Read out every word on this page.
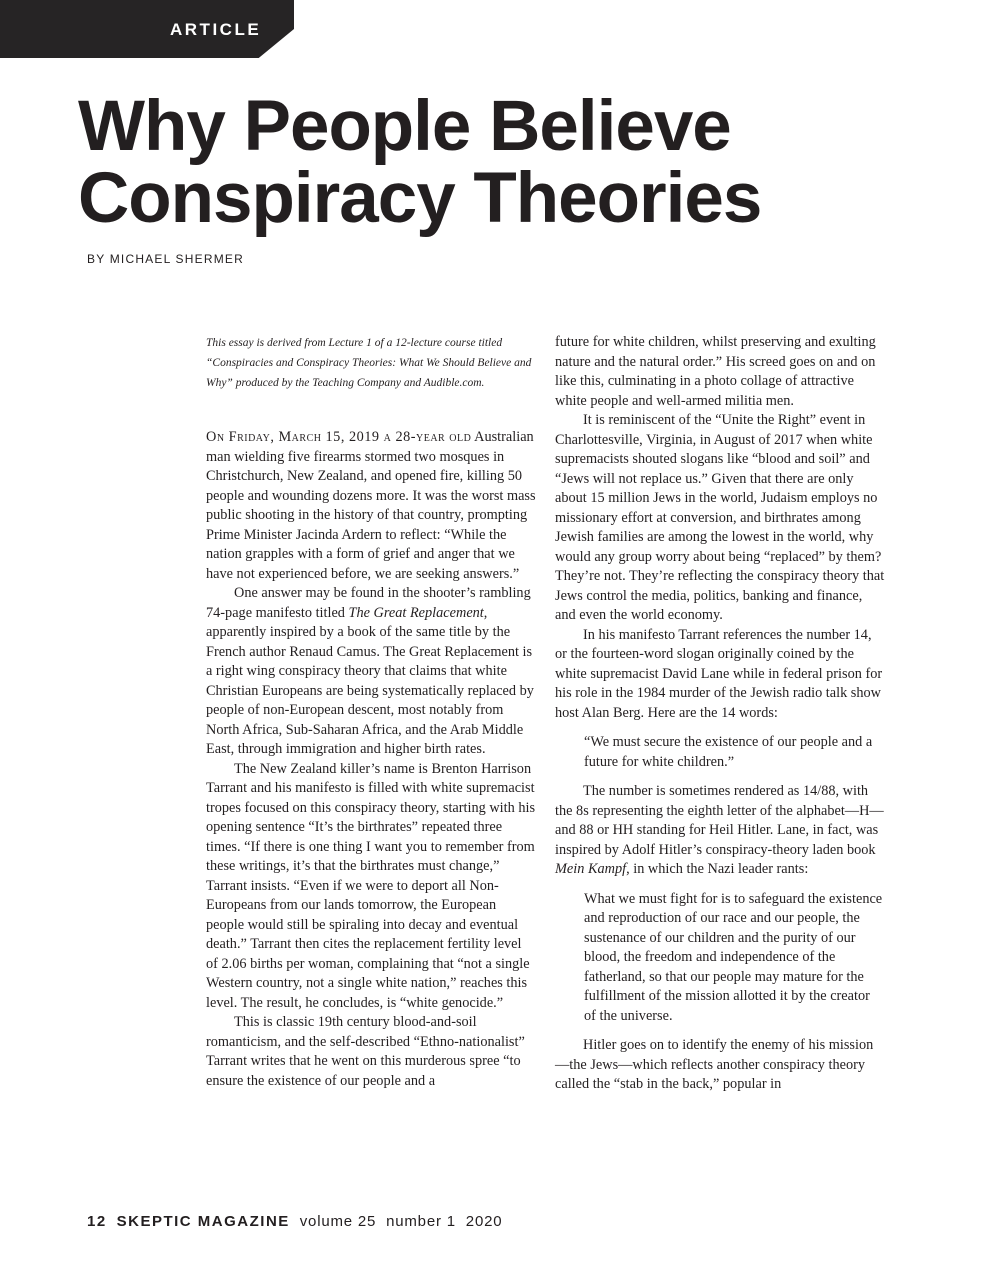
ARTICLE
Why People Believe
Conspiracy Theories
BY MICHAEL SHERMER
This essay is derived from Lecture 1 of a 12-lecture course titled “Conspiracies and Conspiracy Theories: What We Should Believe and Why” produced by the Teaching Company and Audible.com.

On Friday, March 15, 2019 a 28-year old Australian man wielding five firearms stormed two mosques in Christchurch, New Zealand, and opened fire, killing 50 people and wounding dozens more. It was the worst mass public shooting in the history of that country, prompting Prime Minister Jacinda Ardern to reflect: “While the nation grapples with a form of grief and anger that we have not experienced before, we are seeking answers.”

One answer may be found in the shooter’s rambling 74-page manifesto titled The Great Replacement, apparently inspired by a book of the same title by the French author Renaud Camus. The Great Replacement is a right wing conspiracy theory that claims that white Christian Europeans are being systematically replaced by people of non-European descent, most notably from North Africa, Sub-Saharan Africa, and the Arab Middle East, through immigration and higher birth rates.

The New Zealand killer’s name is Brenton Harrison Tarrant and his manifesto is filled with white supremacist tropes focused on this conspiracy theory, starting with his opening sentence “It’s the birthrates” repeated three times. “If there is one thing I want you to remember from these writings, it’s that the birthrates must change,” Tarrant insists. “Even if we were to deport all Non-Europeans from our lands tomorrow, the European people would still be spiraling into decay and eventual death.” Tarrant then cites the replacement fertility level of 2.06 births per woman, complaining that “not a single Western country, not a single white nation,” reaches this level. The result, he concludes, is “white genocide.”

This is classic 19th century blood-and-soil romanticism, and the self-described “Ethno-nationalist” Tarrant writes that he went on this murderous spree “to ensure the existence of our people and a

future for white children, whilst preserving and exulting nature and the natural order.” His screed goes on and on like this, culminating in a photo collage of attractive white people and well-armed militia men.

It is reminiscent of the “Unite the Right” event in Charlottesville, Virginia, in August of 2017 when white supremacists shouted slogans like “blood and soil” and “Jews will not replace us.” Given that there are only about 15 million Jews in the world, Judaism employs no missionary effort at conversion, and birthrates among Jewish families are among the lowest in the world, why would any group worry about being “replaced” by them? They’re not. They’re reflecting the conspiracy theory that Jews control the media, politics, banking and finance, and even the world economy.

In his manifesto Tarrant references the number 14, or the fourteen-word slogan originally coined by the white supremacist David Lane while in federal prison for his role in the 1984 murder of the Jewish radio talk show host Alan Berg. Here are the 14 words:

“We must secure the existence of our people and a future for white children.”

The number is sometimes rendered as 14/88, with the 8s representing the eighth letter of the alphabet—H—and 88 or HH standing for Heil Hitler. Lane, in fact, was inspired by Adolf Hitler’s conspiracy-theory laden book Mein Kampf, in which the Nazi leader rants:

What we must fight for is to safeguard the existence and reproduction of our race and our people, the sustenance of our children and the purity of our blood, the freedom and independence of the fatherland, so that our people may mature for the fulfillment of the mission allotted it by the creator of the universe.

Hitler goes on to identify the enemy of his mission—the Jews—which reflects another conspiracy theory called the “stab in the back,” popular in

12 SKEPTIC MAGAZINE volume 25  number 1  2020
